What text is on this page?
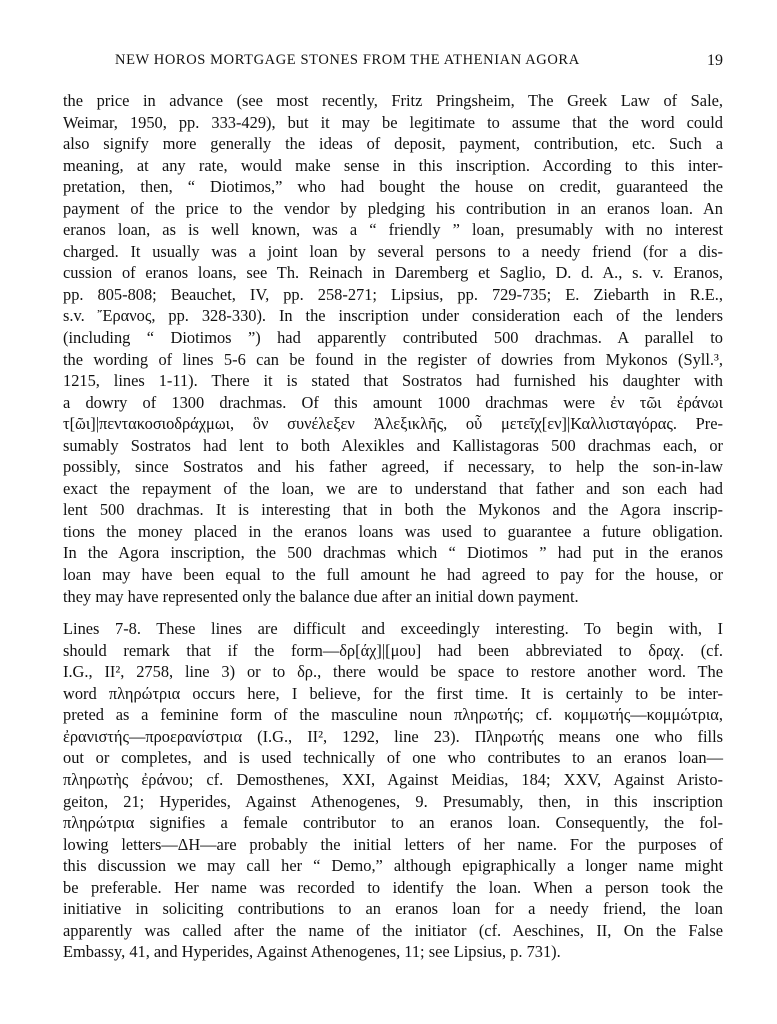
NEW HOROS MORTGAGE STONES FROM THE ATHENIAN AGORA	19
the price in advance (see most recently, Fritz Pringsheim, The Greek Law of Sale,
Weimar, 1950, pp. 333-429), but it may be legitimate to assume that the word could
also signify more generally the ideas of deposit, payment, contribution, etc. Such a
meaning, at any rate, would make sense in this inscription. According to this inter-
pretation, then, “ Diotimos,” who had bought the house on credit, guaranteed the
payment of the price to the vendor by pledging his contribution in an eranos loan. An
eranos loan, as is well known, was a “ friendly ” loan, presumably with no interest
charged. It usually was a joint loan by several persons to a needy friend (for a dis-
cussion of eranos loans, see Th. Reinach in Daremberg et Saglio, D. d. A., s. v. Eranos,
pp. 805-808; Beauchet, IV, pp. 258-271; Lipsius, pp. 729-735; E. Ziebarth in R.E.,
s.v. Ἔρανος, pp. 328-330). In the inscription under consideration each of the lenders
(including “ Diotimos ”) had apparently contributed 500 drachmas. A parallel to
the wording of lines 5-6 can be found in the register of dowries from Mykonos (Syll.³,
1215, lines 1-11). There it is stated that Sostratos had furnished his daughter with
a dowry of 1300 drachmas. Of this amount 1000 drachmas were ἐν τῶι ἐράνωι
τ[ῶι]|πεντακοσιοδράχμωι, ὃν συνέλεξεν Ἀλεξικλῆς, οὗ μετεῖχ[εν]|Καλλισταγόρας. Pre-
sumably Sostratos had lent to both Alexikles and Kallistagoras 500 drachmas each, or
possibly, since Sostratos and his father agreed, if necessary, to help the son-in-law
exact the repayment of the loan, we are to understand that father and son each had
lent 500 drachmas. It is interesting that in both the Mykonos and the Agora inscrip-
tions the money placed in the eranos loans was used to guarantee a future obligation.
In the Agora inscription, the 500 drachmas which “ Diotimos ” had put in the eranos
loan may have been equal to the full amount he had agreed to pay for the house, or
they may have represented only the balance due after an initial down payment.
Lines 7-8. These lines are difficult and exceedingly interesting. To begin with, I
should remark that if the form—δρ[άχ]|[μου] had been abbreviated to δραχ. (cf.
I.G., II², 2758, line 3) or to δρ., there would be space to restore another word. The
word πληρώτρια occurs here, I believe, for the first time. It is certainly to be inter-
preted as a feminine form of the masculine noun πληρωτής; cf. κομμωτής—κομμώτρια,
ἐρανιστής—προερανίστρια (I.G., II², 1292, line 23). Πληρωτής means one who fills
out or completes, and is used technically of one who contributes to an eranos loan—
πληρωτὴς ἐράνου; cf. Demosthenes, XXI, Against Meidias, 184; XXV, Against Aristo-
geiton, 21; Hyperides, Against Athenogenes, 9. Presumably, then, in this inscription
πληρώτρια signifies a female contributor to an eranos loan. Consequently, the fol-
lowing letters—ΔΗ—are probably the initial letters of her name. For the purposes of
this discussion we may call her “ Demo,” although epigraphically a longer name might
be preferable. Her name was recorded to identify the loan. When a person took the
initiative in soliciting contributions to an eranos loan for a needy friend, the loan
apparently was called after the name of the initiator (cf. Aeschines, II, On the False
Embassy, 41, and Hyperides, Against Athenogenes, 11; see Lipsius, p. 731).
